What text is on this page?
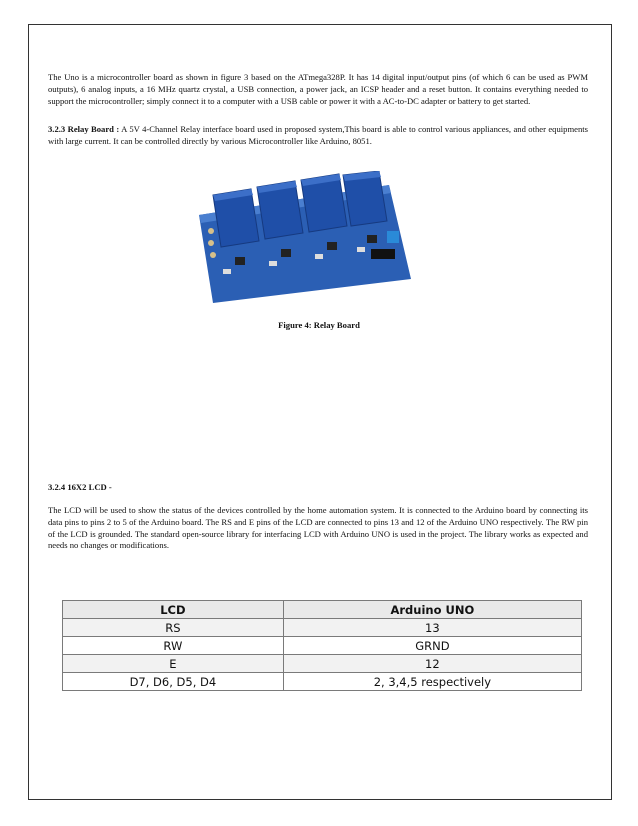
The Uno is a microcontroller board as shown in figure 3 based on the ATmega328P. It has 14 digital input/output pins (of which 6 can be used as PWM outputs), 6 analog inputs, a 16 MHz quartz crystal, a USB connection, a power jack, an ICSP header and a reset button. It contains everything needed to support the microcontroller; simply connect it to a computer with a USB cable or power it with a AC-to-DC adapter or battery to get started.

3.2.3 Relay Board : A 5V 4-Channel Relay interface board used in proposed system,This board is able to control various appliances, and other equipments with large current. It can be controlled directly by various Microcontroller like Arduino, 8051.

Figure 4: Relay Board
3.2.4 16X2 LCD -

The LCD will be used to show the status of the devices controlled by the home automation system. It is connected to the Arduino board by connecting its data pins to pins 2 to 5 of the Arduino board. The RS and E pins of the LCD are connected to pins 13 and 12 of the Arduino UNO respectively. The RW pin of the LCD is grounded. The standard open-source library for interfacing LCD with Arduino UNO is used in the project. The library works as expected and needs no changes or modifications.

LCD	Arduino UNO
RS	13
RW	GRND
E	12
D7, D6, D5, D4	2, 3,4,5 respectively
